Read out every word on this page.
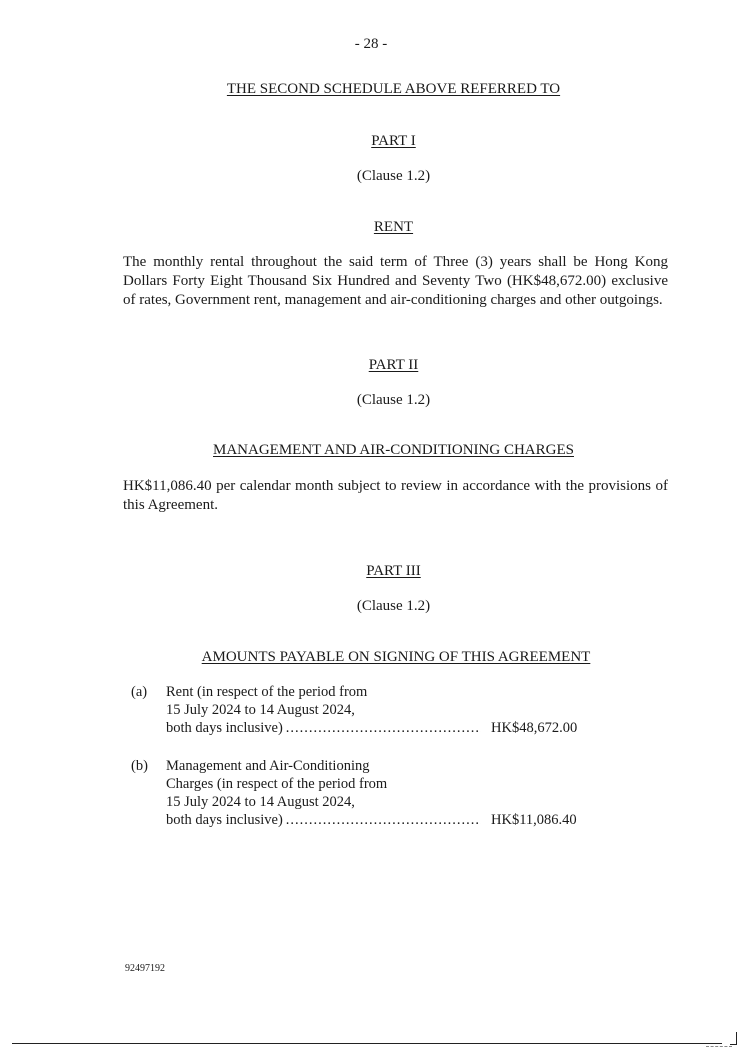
- 28 -
THE SECOND SCHEDULE ABOVE REFERRED TO
PART I
(Clause 1.2)
RENT
The monthly rental throughout the said term of Three (3) years shall be Hong Kong Dollars Forty Eight Thousand Six Hundred and Seventy Two (HK$48,672.00) exclusive of rates, Government rent, management and air-conditioning charges and other outgoings.
PART II
(Clause 1.2)
MANAGEMENT AND AIR-CONDITIONING CHARGES
HK$11,086.40 per calendar month subject to review in accordance with the provisions of this Agreement.
PART III
(Clause 1.2)
AMOUNTS PAYABLE ON SIGNING OF THIS AGREEMENT
(a) Rent (in respect of the period from
15 July 2024 to 14 August 2024,
both days inclusive) .....	HK$48,672.00
(b) Management and Air-Conditioning
Charges (in respect of the period from
15 July 2024 to 14 August 2024,
both days inclusive) .....	HK$11,086.40
92497192
